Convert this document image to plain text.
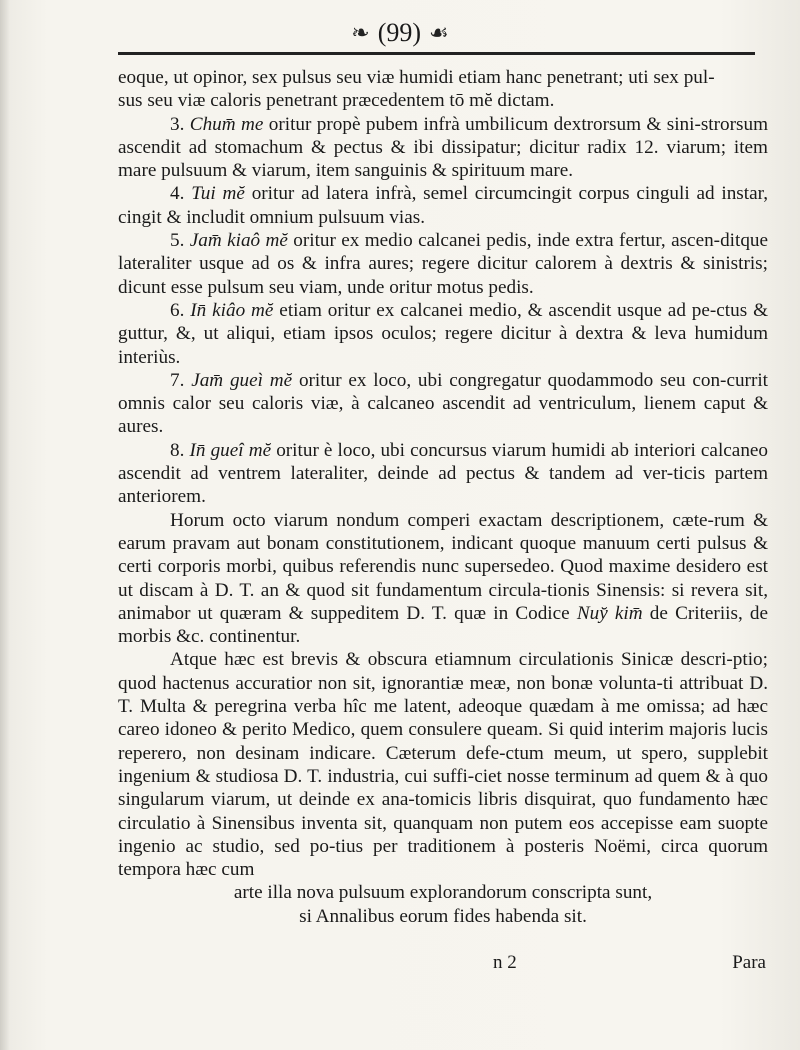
❧ (99) ☙

eoque, ut opinor, sex pulsus seu viæ humidi etiam hanc penetrant; uti sex pul-

sus seu viæ caloris penetrant præcedentem tō mĕ dictam.

3. Chum̄ me oritur propè pubem infrà umbilicum dextrorsum & sini-strorsum ascendit ad stomachum & pectus & ibi dissipatur; dicitur radix 12. viarum; item mare pulsuum & viarum, item sanguinis & spirituum mare.

4. Tui mĕ oritur ad latera infrà, semel circumcingit corpus cinguli ad instar, cingit & includit omnium pulsuum vias.

5. Jam̄ kiaô mĕ oritur ex medio calcanei pedis, inde extra fertur, ascen-ditque lateraliter usque ad os & infra aures; regere dicitur calorem à dextris & sinistris; dicunt esse pulsum seu viam, unde oritur motus pedis.

6. In̄ kiâo mĕ etiam oritur ex calcanei medio, & ascendit usque ad pe-ctus & guttur, &, ut aliqui, etiam ipsos oculos; regere dicitur à dextra & leva humidum interiùs.

7. Jam̄ gueì mĕ oritur ex loco, ubi congregatur quodammodo seu con-currit omnis calor seu caloris viæ, à calcaneo ascendit ad ventriculum, lienem caput & aures.

8. In̄ gueî mĕ oritur è loco, ubi concursus viarum humidi ab interiori calcaneo ascendit ad ventrem lateraliter, deinde ad pectus & tandem ad ver-ticis partem anteriorem.

Horum octo viarum nondum comperi exactam descriptionem, cætе-rum & earum pravam aut bonam constitutionem, indicant quoque manuum certi pulsus & certi corporis morbi, quibus referendis nunc supersedeo. Quod maxime desidero est ut discam à D. T. an & quod sit fundamentum circula-tionis Sinensis: si revera sit, animabor ut quæram & suppeditem D. T. quæ in Codice Nuy̆ kim̄ de Criteriis, de morbis &c. continentur.

Atque hæc est brevis & obscura etiamnum circulationis Sinicæ descri-ptio; quod hactenus accuratior non sit, ignorantiæ meæ, non bonæ volunta-ti attribuat D. T. Multa & peregrina verba hîc me latent, adeoque quædam à me omissa; ad hæc careo idoneo & perito Medico, quem consulere queam. Si quid interim majoris lucis reperero, non desinam indicare. Cæterum defe-ctum meum, ut spero, supplebit ingenium & studiosa D. T. industria, cui suffi-ciet nosse terminum ad quem & à quo singularum viarum, ut deinde ex ana-tomicis libris disquirat, quo fundamento hæc circulatio à Sinensibus inventa sit, quanquam non putem eos accepisse eam suopte ingenio ac studio, sed po-tius per traditionem à posteris Noëmi, circa quorum tempora hæc cum

arte illa nova pulsuum explorandorum conscripta sunt,

si Annalibus eorum fides habenda sit.

n 2	Para
